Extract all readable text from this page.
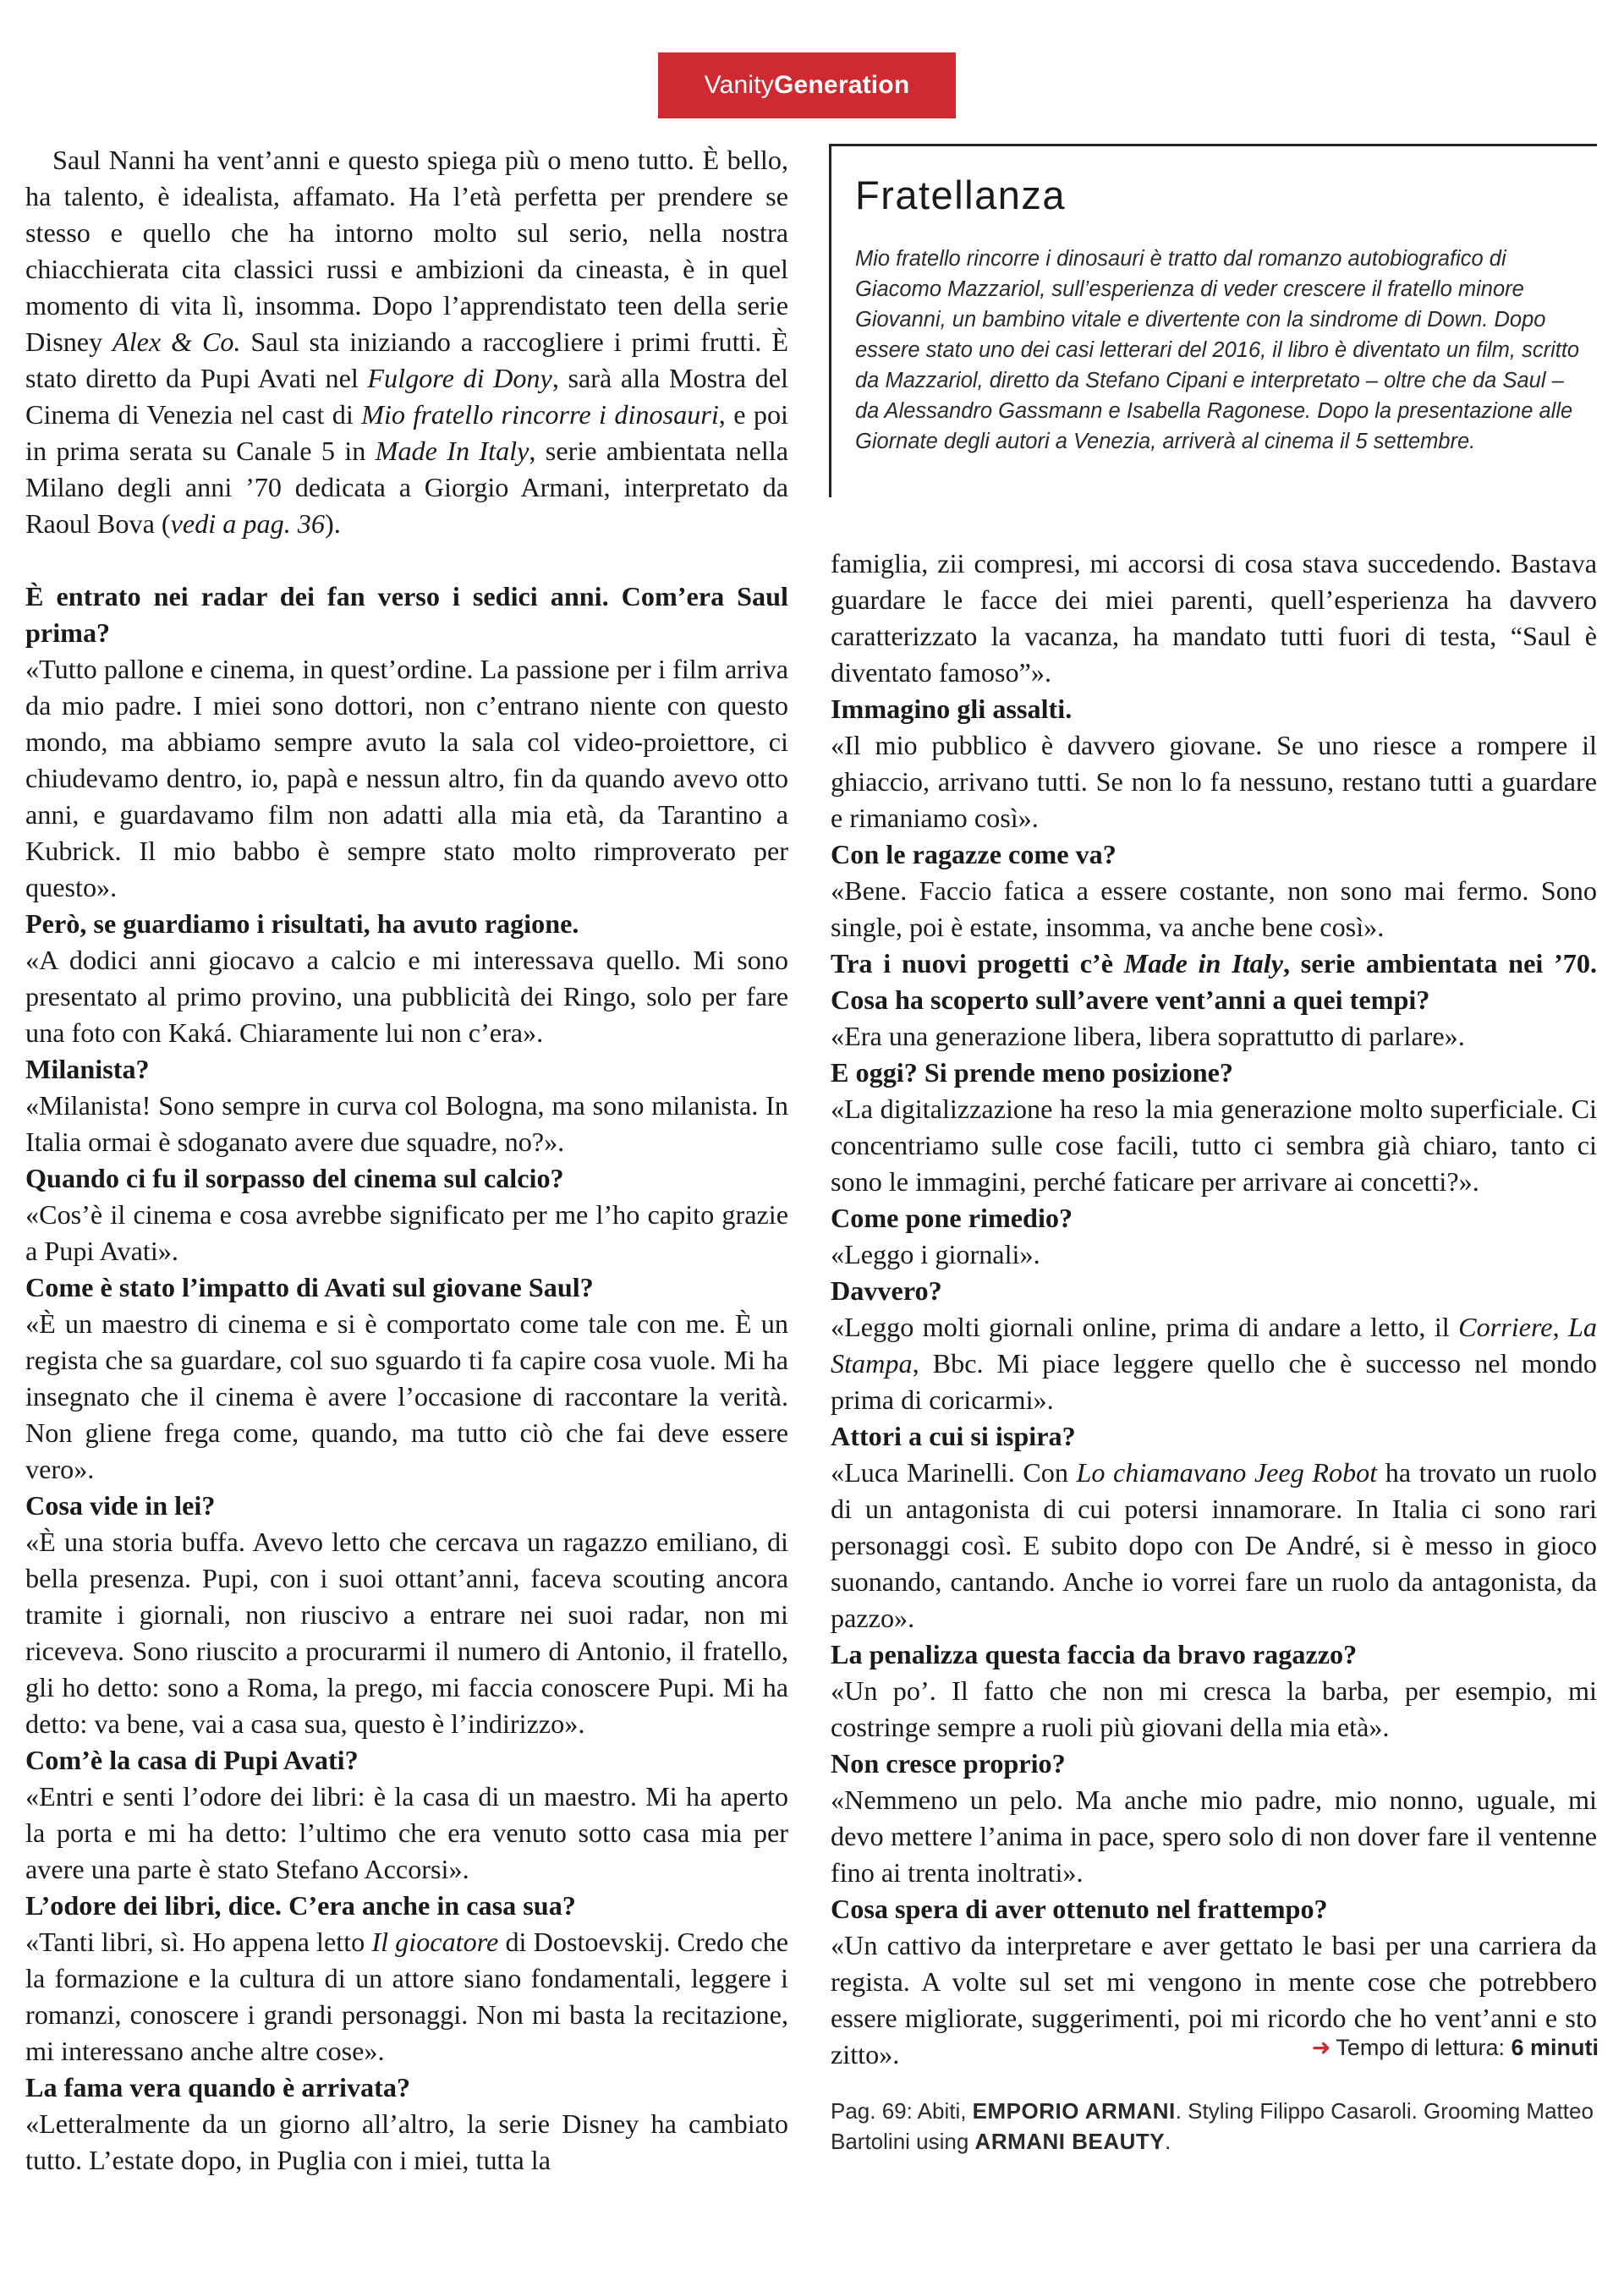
Vanity Generation
Fratellanza

Mio fratello rincorre i dinosauri è tratto dal romanzo autobiografico di Giacomo Mazzariol, sull’esperienza di veder crescere il fratello minore Giovanni, un bambino vitale e divertente con la sindrome di Down. Dopo essere stato uno dei casi letterari del 2016, il libro è diventato un film, scritto da Mazzariol, diretto da Stefano Cipani e interpretato – oltre che da Saul – da Alessandro Gassmann e Isabella Ragonese. Dopo la presentazione alle Giornate degli autori a Venezia, arriverà al cinema il 5 settembre.

Saul Nanni ha vent’anni e questo spiega più o meno tutto. È bello, ha talento, è idealista, affamato. Ha l’età perfetta per prendere se stesso e quello che ha intorno molto sul serio, nella nostra chiacchierata cita classici russi e ambizioni da cineasta, è in quel momento di vita lì, insomma. Dopo l’apprendistato teen della serie Disney Alex & Co. Saul sta iniziando a raccogliere i primi frutti. È stato diretto da Pupi Avati nel Fulgore di Dony, sarà alla Mostra del Cinema di Venezia nel cast di Mio fratello rincorre i dinosauri, e poi in prima serata su Canale 5 in Made In Italy, serie ambientata nella Milano degli anni ’70 dedicata a Giorgio Armani, interpretato da Raoul Bova (vedi a pag. 36).

È entrato nei radar dei fan verso i sedici anni. Com’era Saul prima?

«Tutto pallone e cinema, in quest’ordine. La passione per i film arriva da mio padre. I miei sono dottori, non c’entrano niente con questo mondo, ma abbiamo sempre avuto la sala col video-proiettore, ci chiudevamo dentro, io, papà e nessun altro, fin da quando avevo otto anni, e guardavamo film non adatti alla mia età, da Tarantino a Kubrick. Il mio babbo è sempre stato molto rimproverato per questo».

Però, se guardiamo i risultati, ha avuto ragione.

«A dodici anni giocavo a calcio e mi interessava quello. Mi sono presentato al primo provino, una pubblicità dei Ringo, solo per fare una foto con Kaká. Chiaramente lui non c’era».

Milanista?

«Milanista! Sono sempre in curva col Bologna, ma sono milanista. In Italia ormai è sdoganato avere due squadre, no?».

Quando ci fu il sorpasso del cinema sul calcio?

«Cos’è il cinema e cosa avrebbe significato per me l’ho capito grazie a Pupi Avati».

Come è stato l’impatto di Avati sul giovane Saul?

«È un maestro di cinema e si è comportato come tale con me. È un regista che sa guardare, col suo sguardo ti fa capire cosa vuole. Mi ha insegnato che il cinema è avere l’occasione di raccontare la verità. Non gliene frega come, quando, ma tutto ciò che fai deve essere vero».

Cosa vide in lei?

«È una storia buffa. Avevo letto che cercava un ragazzo emiliano, di bella presenza. Pupi, con i suoi ottant’anni, faceva scouting ancora tramite i giornali, non riuscivo a entrare nei suoi radar, non mi riceveva. Sono riuscito a procurarmi il numero di Antonio, il fratello, gli ho detto: sono a Roma, la prego, mi faccia conoscere Pupi. Mi ha detto: va bene, vai a casa sua, questo è l’indirizzo».

Com’è la casa di Pupi Avati?

«Entri e senti l’odore dei libri: è la casa di un maestro. Mi ha aperto la porta e mi ha detto: l’ultimo che era venuto sotto casa mia per avere una parte è stato Stefano Accorsi».

L’odore dei libri, dice. C’era anche in casa sua?

«Tanti libri, sì. Ho appena letto Il giocatore di Dostoevskij. Credo che la formazione e la cultura di un attore siano fondamentali, leggere i romanzi, conoscere i grandi personaggi. Non mi basta la recitazione, mi interessano anche altre cose».

La fama vera quando è arrivata?

«Letteralmente da un giorno all’altro, la serie Disney ha cambiato tutto. L’estate dopo, in Puglia con i miei, tutta la

famiglia, zii compresi, mi accorsi di cosa stava succedendo. Bastava guardare le facce dei miei parenti, quell’esperienza ha davvero caratterizzato la vacanza, ha mandato tutti fuori di testa, “Saul è diventato famoso”».

Immagino gli assalti.

«Il mio pubblico è davvero giovane. Se uno riesce a rompere il ghiaccio, arrivano tutti. Se non lo fa nessuno, restano tutti a guardare e rimaniamo così».

Con le ragazze come va?

«Bene. Faccio fatica a essere costante, non sono mai fermo. Sono single, poi è estate, insomma, va anche bene così».

Tra i nuovi progetti c’è Made in Italy, serie ambientata nei ’70. Cosa ha scoperto sull’avere vent’anni a quei tempi?

«Era una generazione libera, libera soprattutto di parlare».

E oggi? Si prende meno posizione?

«La digitalizzazione ha reso la mia generazione molto superficiale. Ci concentriamo sulle cose facili, tutto ci sembra già chiaro, tanto ci sono le immagini, perché faticare per arrivare ai concetti?».

Come pone rimedio?

«Leggo i giornali».

Davvero?

«Leggo molti giornali online, prima di andare a letto, il Corriere, La Stampa, Bbc. Mi piace leggere quello che è successo nel mondo prima di coricarmi».

Attori a cui si ispira?

«Luca Marinelli. Con Lo chiamavano Jeeg Robot ha trovato un ruolo di un antagonista di cui potersi innamorare. In Italia ci sono rari personaggi così. E subito dopo con De André, si è messo in gioco suonando, cantando. Anche io vorrei fare un ruolo da antagonista, da pazzo».

La penalizza questa faccia da bravo ragazzo?

«Un po’. Il fatto che non mi cresca la barba, per esempio, mi costringe sempre a ruoli più giovani della mia età».

Non cresce proprio?

«Nemmeno un pelo. Ma anche mio padre, mio nonno, uguale, mi devo mettere l’anima in pace, spero solo di non dover fare il ventenne fino ai trenta inoltrati».

Cosa spera di aver ottenuto nel frattempo?

«Un cattivo da interpretare e aver gettato le basi per una carriera da regista. A volte sul set mi vengono in mente cose che potrebbero essere migliorate, suggerimenti, poi mi ricordo che ho vent’anni e sto zitto».	➜ Tempo di lettura: 6 minuti
Pag. 69: Abiti, EMPORIO ARMANI. Styling Filippo Casaroli. Grooming Matteo Bartolini using ARMANI BEAUTY.
